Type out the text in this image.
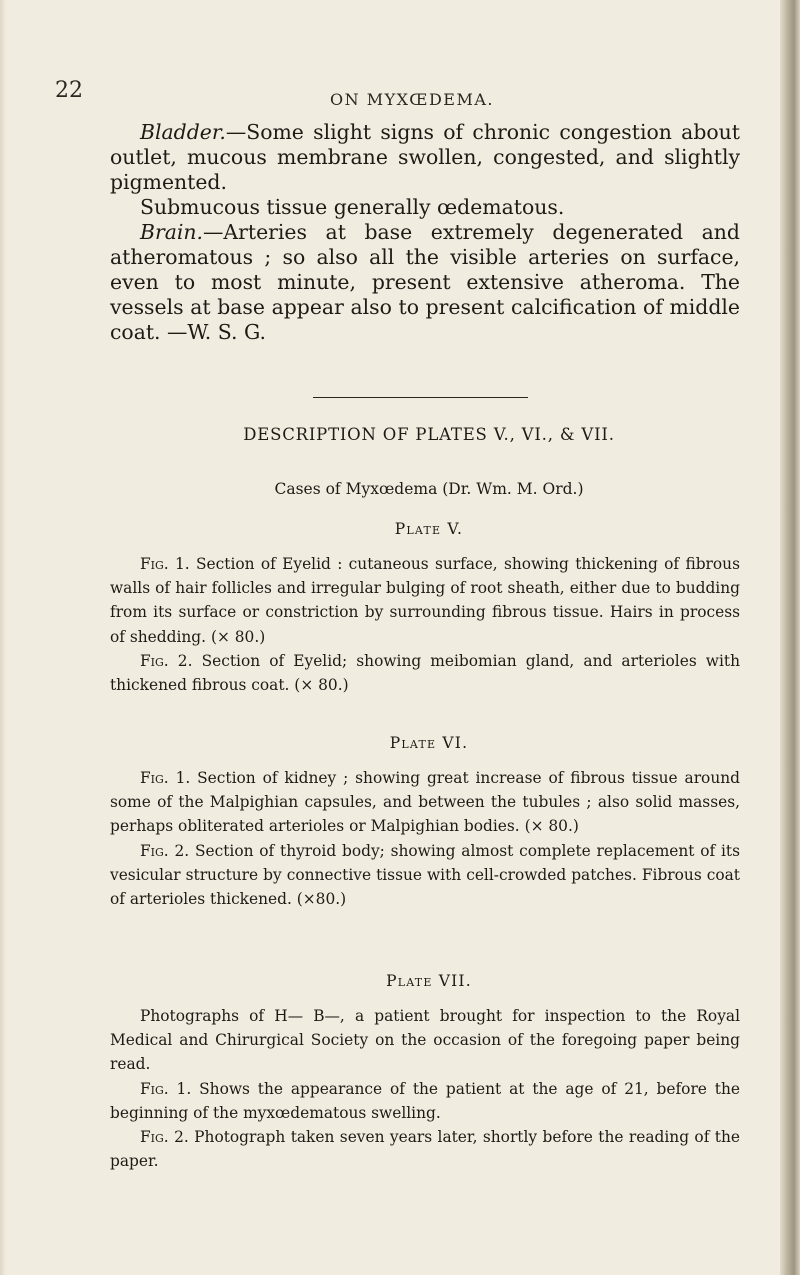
22	ON MYXŒDEMA.

Bladder.—Some slight signs of chronic congestion about outlet, mucous membrane swollen, congested, and slightly pigmented.

Submucous tissue generally œdematous.

Brain.—Arteries at base extremely degenerated and atheromatous ; so also all the visible arteries on surface, even to most minute, present extensive atheroma. The vessels at base appear also to present calcification of middle coat. —W. S. G.

DESCRIPTION OF PLATES V., VI., & VII.
Cases of Myxœdema (Dr. Wm. M. Ord.)
Plate V.

Fig. 1. Section of Eyelid : cutaneous surface, showing thickening of fibrous walls of hair follicles and irregular bulging of root sheath, either due to budding from its surface or constriction by surrounding fibrous tissue. Hairs in process of shedding. (× 80.)

Fig. 2. Section of Eyelid; showing meibomian gland, and arterioles with thickened fibrous coat. (× 80.)

Plate VI.

Fig. 1. Section of kidney ; showing great increase of fibrous tissue around some of the Malpighian capsules, and between the tubules ; also solid masses, perhaps obliterated arterioles or Malpighian bodies. (× 80.)

Fig. 2. Section of thyroid body; showing almost complete replacement of its vesicular structure by connective tissue with cell-crowded patches. Fibrous coat of arterioles thickened. (×80.)

Plate VII.

Photographs of H— B—, a patient brought for inspection to the Royal Medical and Chirurgical Society on the occasion of the foregoing paper being read.

Fig. 1. Shows the appearance of the patient at the age of 21, before the beginning of the myxœdematous swelling.

Fig. 2. Photograph taken seven years later, shortly before the reading of the paper.
